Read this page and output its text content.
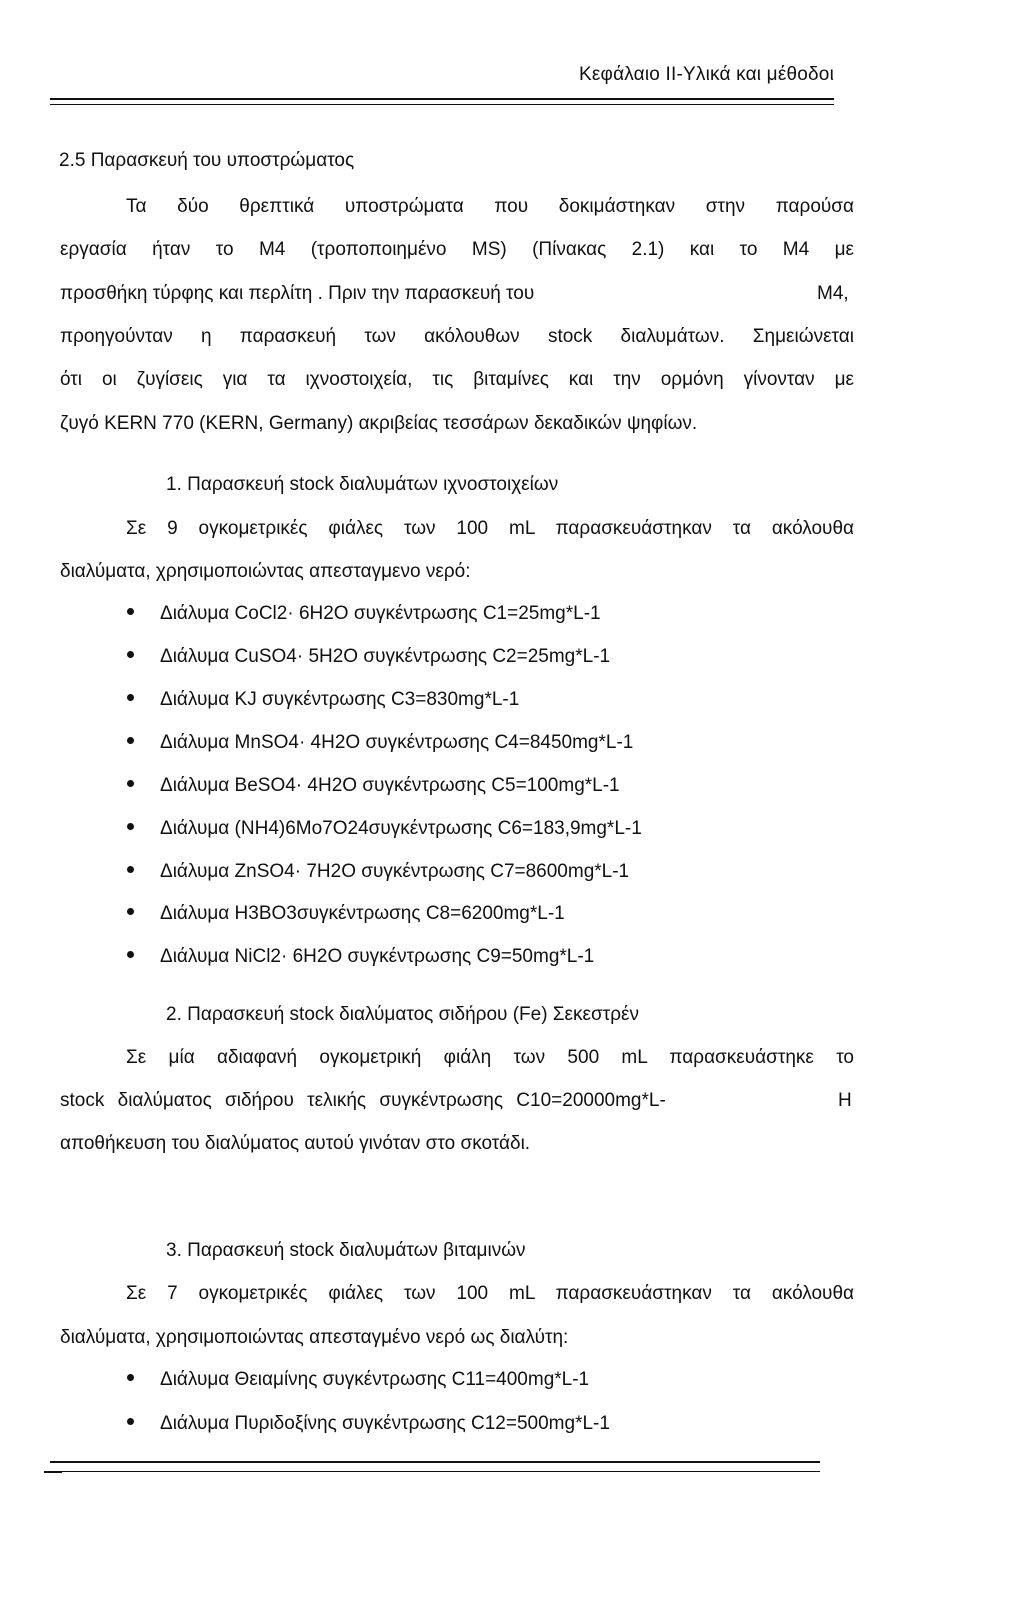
Κεφάλαιο ΙΙ-Υλικά και μέθοδοι
2.5 Παρασκευή του υποστρώματος
Τα δύο θρεπτικά υποστρώματα που δοκιμάστηκαν στην παρούσα
εργασία ήταν το M4 (τροποποιημένο MS) (Πίνακας 2.1) και το M4 με
προσθήκη τύρφης και περλίτη . Πριν την παρασκευή του	M4,
προηγούνταν η παρασκευή των ακόλουθων stock διαλυμάτων. Σημειώνεται
ότι οι ζυγίσεις για τα ιχνοστοιχεία, τις βιταμίνες και την ορμόνη γίνονταν με
ζυγό KERN 770 (KERN, Germany) ακριβείας τεσσάρων δεκαδικών ψηφίων.
1. Παρασκευή stock διαλυμάτων ιχνοστοιχείων
Σε 9 ογκομετρικές φιάλες των 100 mL παρασκευάστηκαν τα ακόλουθα
διαλύματα, χρησιμοποιώντας απεσταγμενο νερό:
Διάλυμα CoCl2· 6H2O συγκέντρωσης C1=25mg*L-1
Διάλυμα CuSO4· 5H2O συγκέντρωσης C2=25mg*L-1
Διάλυμα KJ συγκέντρωσης C3=830mg*L-1
Διάλυμα MnSO4· 4H2O συγκέντρωσης C4=8450mg*L-1
Διάλυμα BeSO4· 4H2O συγκέντρωσης C5=100mg*L-1
Διάλυμα (NH4)6Mo7O24συγκέντρωσης C6=183,9mg*L-1
Διάλυμα ZnSO4· 7H2O συγκέντρωσης C7=8600mg*L-1
Διάλυμα H3BO3συγκέντρωσης C8=6200mg*L-1
Διάλυμα NiCl2· 6H2O συγκέντρωσης C9=50mg*L-1
2. Παρασκευή stock διαλύματος σιδήρου (Fe) Σεκεστρέν
Σε μία αδιαφανή ογκομετρική φιάλη των 500 mL παρασκευάστηκε το
stock διαλύματος σιδήρου τελικής συγκέντρωσης C10=20000mg*L-	Η
αποθήκευση του διαλύματος αυτού γινόταν στο σκοτάδι.
3. Παρασκευή stock διαλυμάτων βιταμινών
Σε 7 ογκομετρικές φιάλες των 100 mL παρασκευάστηκαν τα ακόλουθα
διαλύματα, χρησιμοποιώντας απεσταγμένο νερό ως διαλύτη:
Διάλυμα Θειαμίνης συγκέντρωσης C11=400mg*L-1
Διάλυμα Πυριδοξίνης συγκέντρωσης C12=500mg*L-1
